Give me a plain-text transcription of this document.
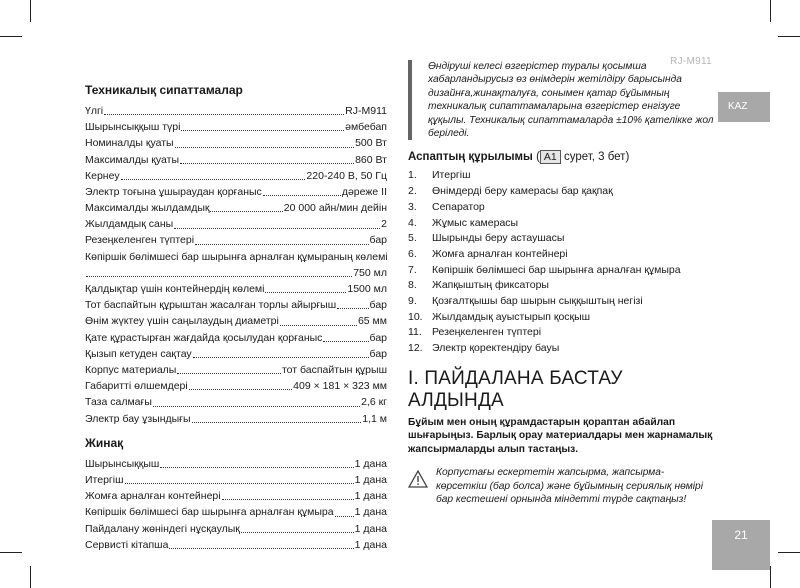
RJ-M911
KAZ
21
Техникалық сипаттамалар
Үлгі	RJ-M911
Шырынсыққыш түрі	әмбебап
Номиналды қуаты	500 Вт
Максималды қуаты	860 Вт
Кернеу	220-240 В, 50 Гц
Электр тоғына ұшыраудан қорғаныс	дәреже II
Максималды жылдамдық	20 000 айн/мин дейін
Жылдамдық саны	2
Резеңкеленген түптері	бар
Көпіршік бөлімшесі бар шырынға арналған құмыраның көлемі
750 мл
Қалдықтар үшін контейнердің көлемі	1500 мл
Тот баспайтын құрыштан жасалған торлы айырғыш	бар
Өнім жүктеу үшін саңылаудың диаметрі	65 мм
Қате құрастырған жағдайда қосылудан қорғаныс	бар
Қызып кетуден сақтау	бар
Корпус материалы	тот баспайтын құрыш
Габаритті өлшемдері	409 × 181 × 323 мм
Таза салмағы	2,6 кг
Электр бау ұзындығы	1,1 м
Жинақ
Шырынсыққыш	1 дана
Итергіш	1 дана
Жомға арналған контейнері	1 дана
Көпіршік бөлімшесі бар шырынға арналған құмыра 1 дана
Пайдалану жөніндегі нұсқаулық	1 дана
Сервисті кітапша	1 дана
Өндіруші келесі өзгерістер туралы қосымша хабарландырусыз өз өнімдерін жетілдіру барысында дизайнға,жинақталуға, сонымен қатар бұйымның техникалық сипаттамаларына өзгерістер енгізуге құқылы. Техникалық сипаттамаларда ±10% қателікке жол беріледі.
Аспаптың құрылымы ( А1 сурет, 3 бет)
1.	Итергіш
2.	Өнімдерді беру камерасы бар қақпақ
3.	Сепаратор
4.	Жұмыс камерасы
5.	Шырынды беру астаушасы
6.	Жомға арналған контейнері
7.	Көпіршік бөлімшесі бар шырынға арналған құмыра
8.	Жапқыштың фиксаторы
9.	Қозғалтқышы бар шырын сыққыштың негізі
10. Жылдамдық ауыстырып қосқыш
11. Резеңкеленген түптері
12. Электр қоректендіру бауы
I. ПАЙДАЛАНА БАСТАУ АЛДЫНДА
Бұйым мен оның құрамдастарын қораптан абайлап шығарыңыз. Барлық орау материалдары мен жарнамалық жапсырмаларды алып тастаңыз.
Корпустағы ескертетін жапсырма, жапсырма-көрсеткіш (бар болса) және бұйымның сериялық нөмірі бар кестешені орнында міндетті түрде сақтаңыз!
